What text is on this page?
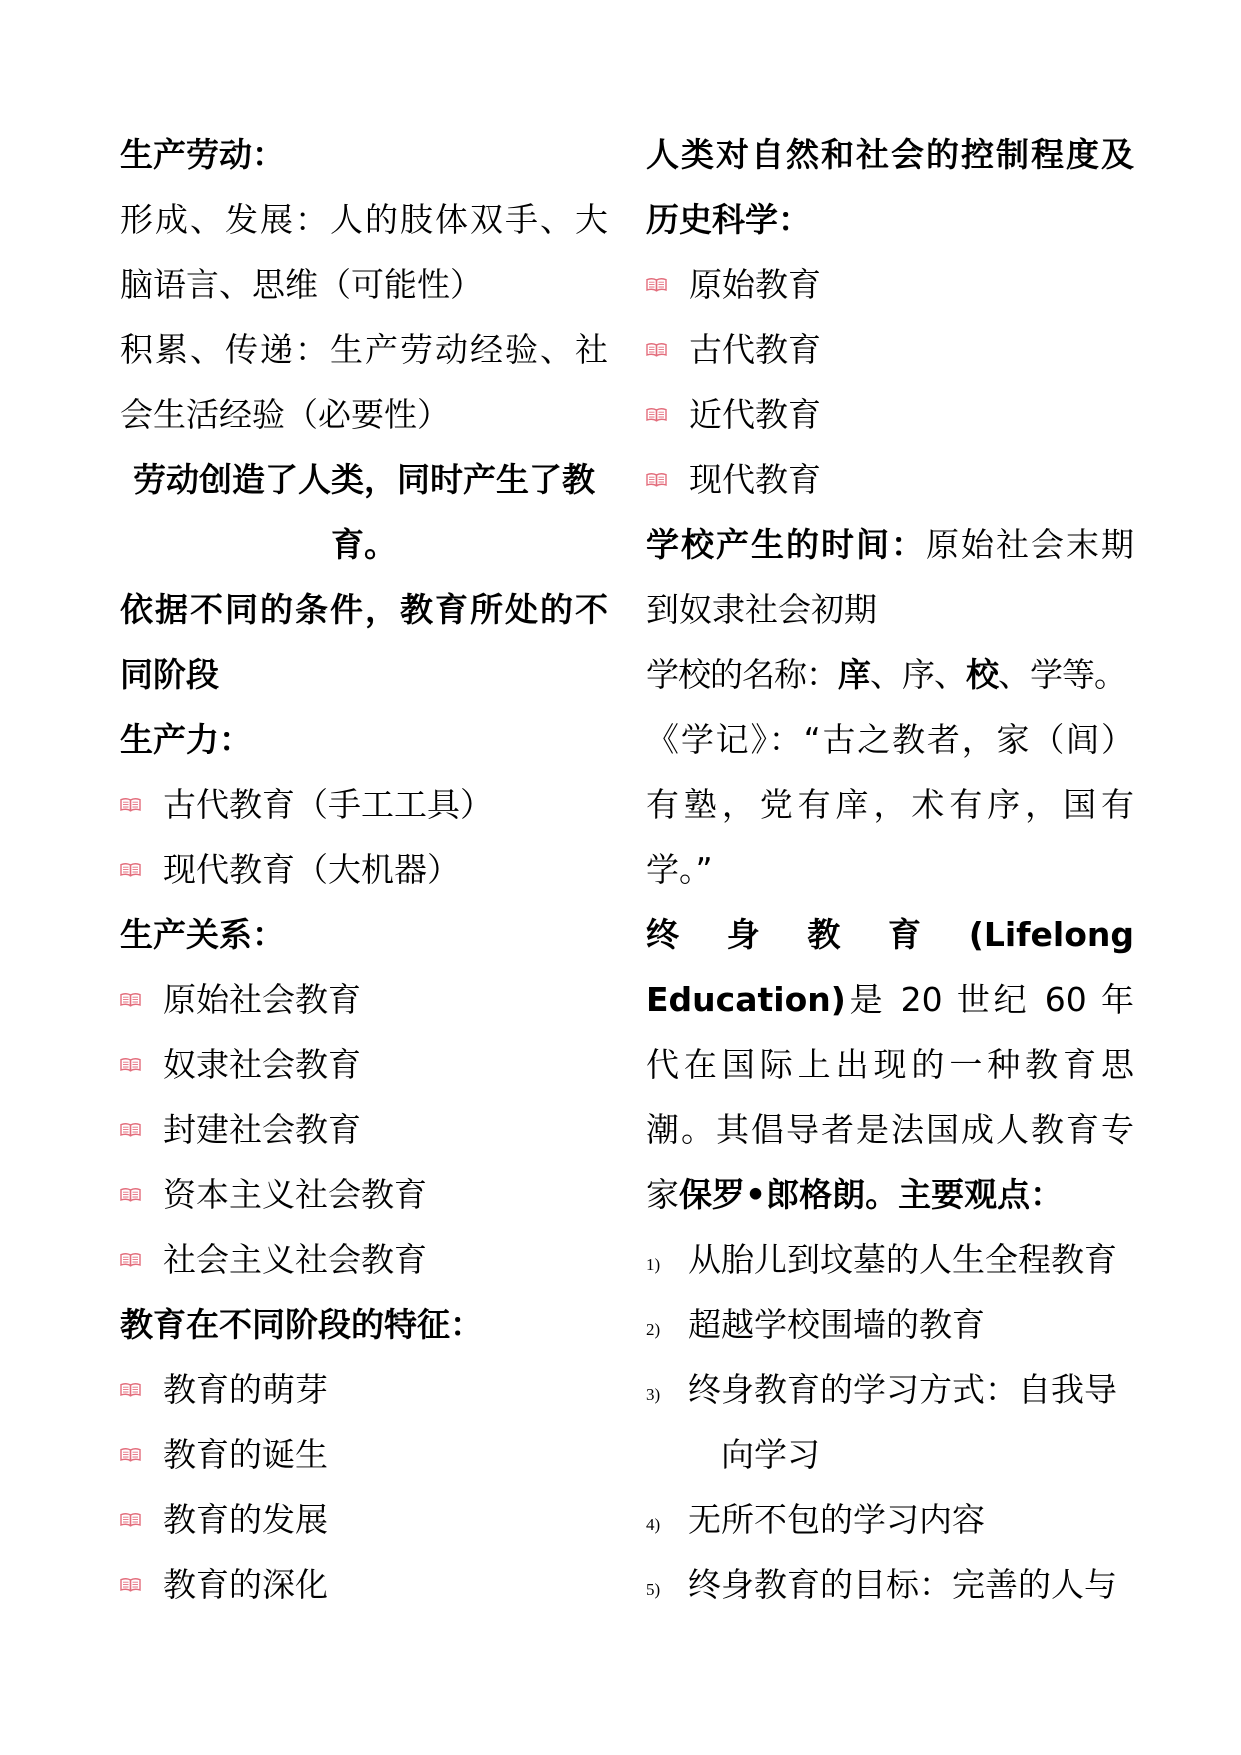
生产劳动：

形成、发展：人的肢体双手、大脑语言、思维（可能性）

积累、传递：生产劳动经验、社会生活经验（必要性）

劳动创造了人类，同时产生了教育。

依据不同的条件，教育所处的不同阶段

生产力：

古代教育（手工工具）
现代教育（大机器）

生产关系：

原始社会教育
奴隶社会教育
封建社会教育
资本主义社会教育
社会主义社会教育

教育在不同阶段的特征：

教育的萌芽
教育的诞生
教育的发展
教育的深化

人类对自然和社会的控制程度及历史科学：

原始教育
古代教育
近代教育
现代教育

学校产生的时间：原始社会末期到奴隶社会初期

学校的名称：庠、序、校、学等。

《学记》：“古之教者，家（闾）有塾，党有庠，术有序，国有学。”

终身教育(Lifelong Education)是 20 世纪 60 年代在国际上出现的一种教育思潮。其倡导者是法国成人教育专家保罗•郎格朗。主要观点：

1) 从胎儿到坟墓的人生全程教育
2) 超越学校围墙的教育
3) 终身教育的学习方式：自我导向学习
4) 无所不包的学习内容
5) 终身教育的目标：完善的人与
